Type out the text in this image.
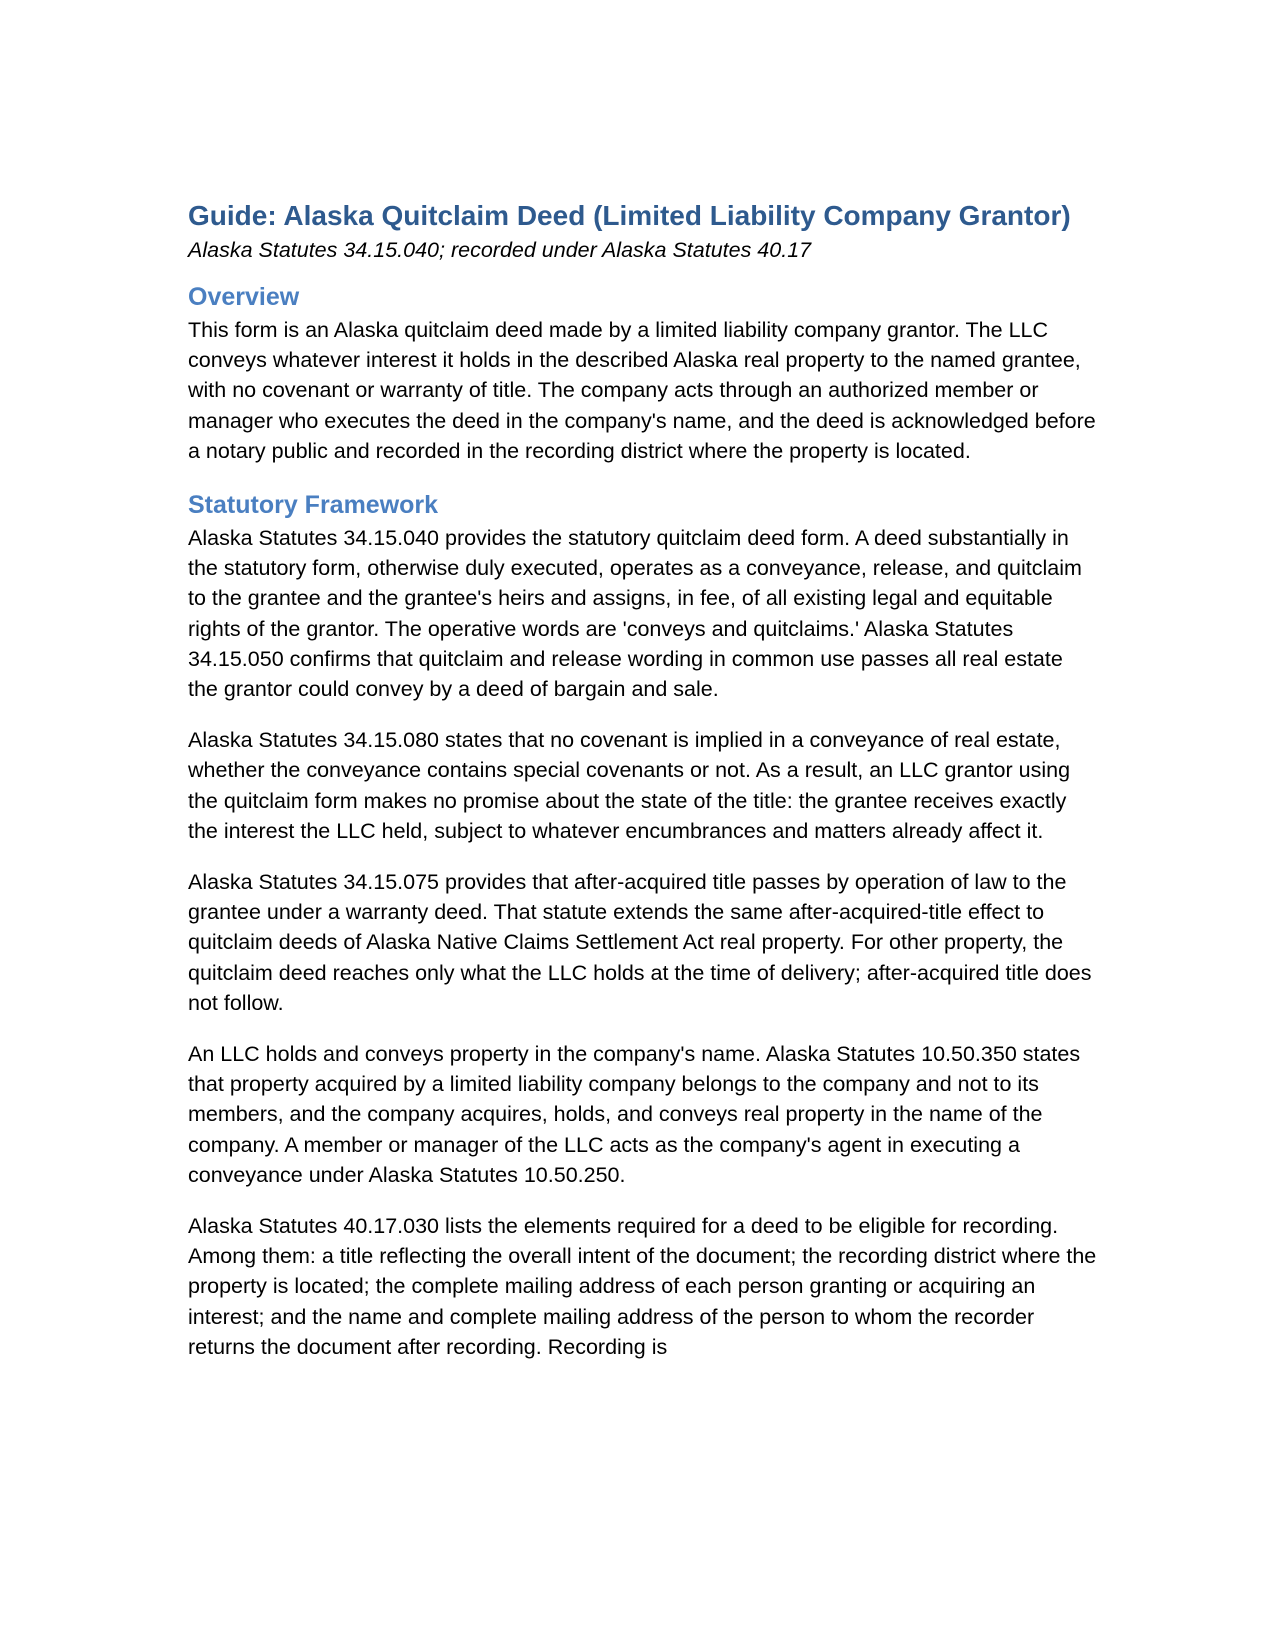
Guide: Alaska Quitclaim Deed (Limited Liability Company Grantor)

Alaska Statutes 34.15.040; recorded under Alaska Statutes 40.17

Overview

This form is an Alaska quitclaim deed made by a limited liability company grantor. The LLC conveys whatever interest it holds in the described Alaska real property to the named grantee, with no covenant or warranty of title. The company acts through an authorized member or manager who executes the deed in the company's name, and the deed is acknowledged before a notary public and recorded in the recording district where the property is located.

Statutory Framework

Alaska Statutes 34.15.040 provides the statutory quitclaim deed form. A deed substantially in the statutory form, otherwise duly executed, operates as a conveyance, release, and quitclaim to the grantee and the grantee's heirs and assigns, in fee, of all existing legal and equitable rights of the grantor. The operative words are 'conveys and quitclaims.' Alaska Statutes 34.15.050 confirms that quitclaim and release wording in common use passes all real estate the grantor could convey by a deed of bargain and sale.

Alaska Statutes 34.15.080 states that no covenant is implied in a conveyance of real estate, whether the conveyance contains special covenants or not. As a result, an LLC grantor using the quitclaim form makes no promise about the state of the title: the grantee receives exactly the interest the LLC held, subject to whatever encumbrances and matters already affect it.

Alaska Statutes 34.15.075 provides that after-acquired title passes by operation of law to the grantee under a warranty deed. That statute extends the same after-acquired-title effect to quitclaim deeds of Alaska Native Claims Settlement Act real property. For other property, the quitclaim deed reaches only what the LLC holds at the time of delivery; after-acquired title does not follow.

An LLC holds and conveys property in the company's name. Alaska Statutes 10.50.350 states that property acquired by a limited liability company belongs to the company and not to its members, and the company acquires, holds, and conveys real property in the name of the company. A member or manager of the LLC acts as the company's agent in executing a conveyance under Alaska Statutes 10.50.250.

Alaska Statutes 40.17.030 lists the elements required for a deed to be eligible for recording. Among them: a title reflecting the overall intent of the document; the recording district where the property is located; the complete mailing address of each person granting or acquiring an interest; and the name and complete mailing address of the person to whom the recorder returns the document after recording. Recording is
